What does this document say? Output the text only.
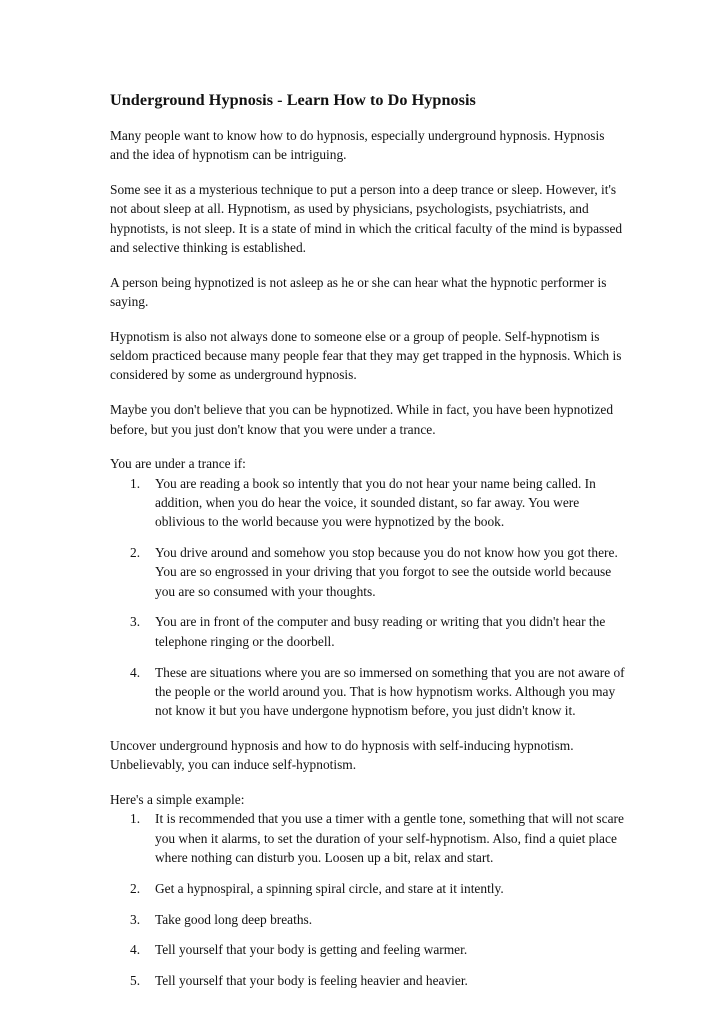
Underground Hypnosis - Learn How to Do Hypnosis

Many people want to know how to do hypnosis, especially underground hypnosis. Hypnosis and the idea of hypnotism can be intriguing.

Some see it as a mysterious technique to put a person into a deep trance or sleep. However, it's not about sleep at all. Hypnotism, as used by physicians, psychologists, psychiatrists, and hypnotists, is not sleep. It is a state of mind in which the critical faculty of the mind is bypassed and selective thinking is established.

A person being hypnotized is not asleep as he or she can hear what the hypnotic performer is saying.

Hypnotism is also not always done to someone else or a group of people. Self-hypnotism is seldom practiced because many people fear that they may get trapped in the hypnosis. Which is considered by some as underground hypnosis.

Maybe you don't believe that you can be hypnotized. While in fact, you have been hypnotized before, but you just don't know that you were under a trance.

You are under a trance if:
1. You are reading a book so intently that you do not hear your name being called. In addition, when you do hear the voice, it sounded distant, so far away. You were oblivious to the world because you were hypnotized by the book.
2. You drive around and somehow you stop because you do not know how you got there. You are so engrossed in your driving that you forgot to see the outside world because you are so consumed with your thoughts.
3. You are in front of the computer and busy reading or writing that you didn't hear the telephone ringing or the doorbell.
4. These are situations where you are so immersed on something that you are not aware of the people or the world around you. That is how hypnotism works. Although you may not know it but you have undergone hypnotism before, you just didn't know it.

Uncover underground hypnosis and how to do hypnosis with self-inducing hypnotism. Unbelievably, you can induce self-hypnotism.

Here's a simple example:
1. It is recommended that you use a timer with a gentle tone, something that will not scare you when it alarms, to set the duration of your self-hypnotism. Also, find a quiet place where nothing can disturb you. Loosen up a bit, relax and start.
2. Get a hypnospiral, a spinning spiral circle, and stare at it intently.
3. Take good long deep breaths.
4. Tell yourself that your body is getting and feeling warmer.
5. Tell yourself that your body is feeling heavier and heavier.
